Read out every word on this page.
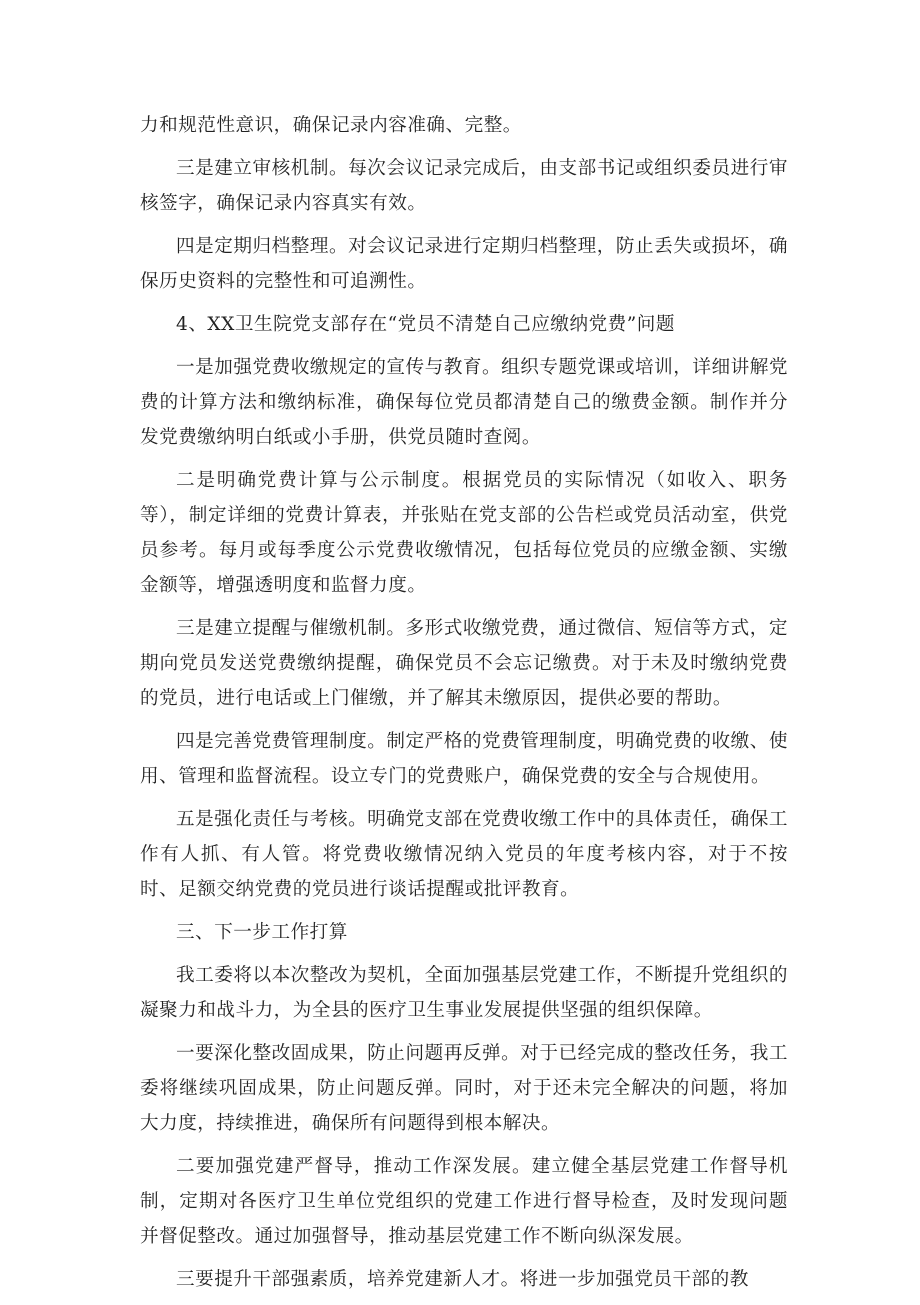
力和规范性意识，确保记录内容准确、完整。

三是建立审核机制。每次会议记录完成后，由支部书记或组织委员进行审核签字，确保记录内容真实有效。

四是定期归档整理。对会议记录进行定期归档整理，防止丢失或损坏，确保历史资料的完整性和可追溯性。

4、XX卫生院党支部存在“党员不清楚自己应缴纳党费”问题

一是加强党费收缴规定的宣传与教育。组织专题党课或培训，详细讲解党费的计算方法和缴纳标准，确保每位党员都清楚自己的缴费金额。制作并分发党费缴纳明白纸或小手册，供党员随时查阅。

二是明确党费计算与公示制度。根据党员的实际情况（如收入、职务等），制定详细的党费计算表，并张贴在党支部的公告栏或党员活动室，供党员参考。每月或每季度公示党费收缴情况，包括每位党员的应缴金额、实缴金额等，增强透明度和监督力度。

三是建立提醒与催缴机制。多形式收缴党费，通过微信、短信等方式，定期向党员发送党费缴纳提醒，确保党员不会忘记缴费。对于未及时缴纳党费的党员，进行电话或上门催缴，并了解其未缴原因，提供必要的帮助。

四是完善党费管理制度。制定严格的党费管理制度，明确党费的收缴、使用、管理和监督流程。设立专门的党费账户，确保党费的安全与合规使用。

五是强化责任与考核。明确党支部在党费收缴工作中的具体责任，确保工作有人抓、有人管。将党费收缴情况纳入党员的年度考核内容，对于不按时、足额交纳党费的党员进行谈话提醒或批评教育。

三、下一步工作打算

我工委将以本次整改为契机，全面加强基层党建工作，不断提升党组织的凝聚力和战斗力，为全县的医疗卫生事业发展提供坚强的组织保障。

一要深化整改固成果，防止问题再反弹。对于已经完成的整改任务，我工委将继续巩固成果，防止问题反弹。同时，对于还未完全解决的问题，将加大力度，持续推进，确保所有问题得到根本解决。

二要加强党建严督导，推动工作深发展。建立健全基层党建工作督导机制，定期对各医疗卫生单位党组织的党建工作进行督导检查，及时发现问题并督促整改。通过加强督导，推动基层党建工作不断向纵深发展。

三要提升干部强素质，培养党建新人才。将进一步加强党员干部的教
